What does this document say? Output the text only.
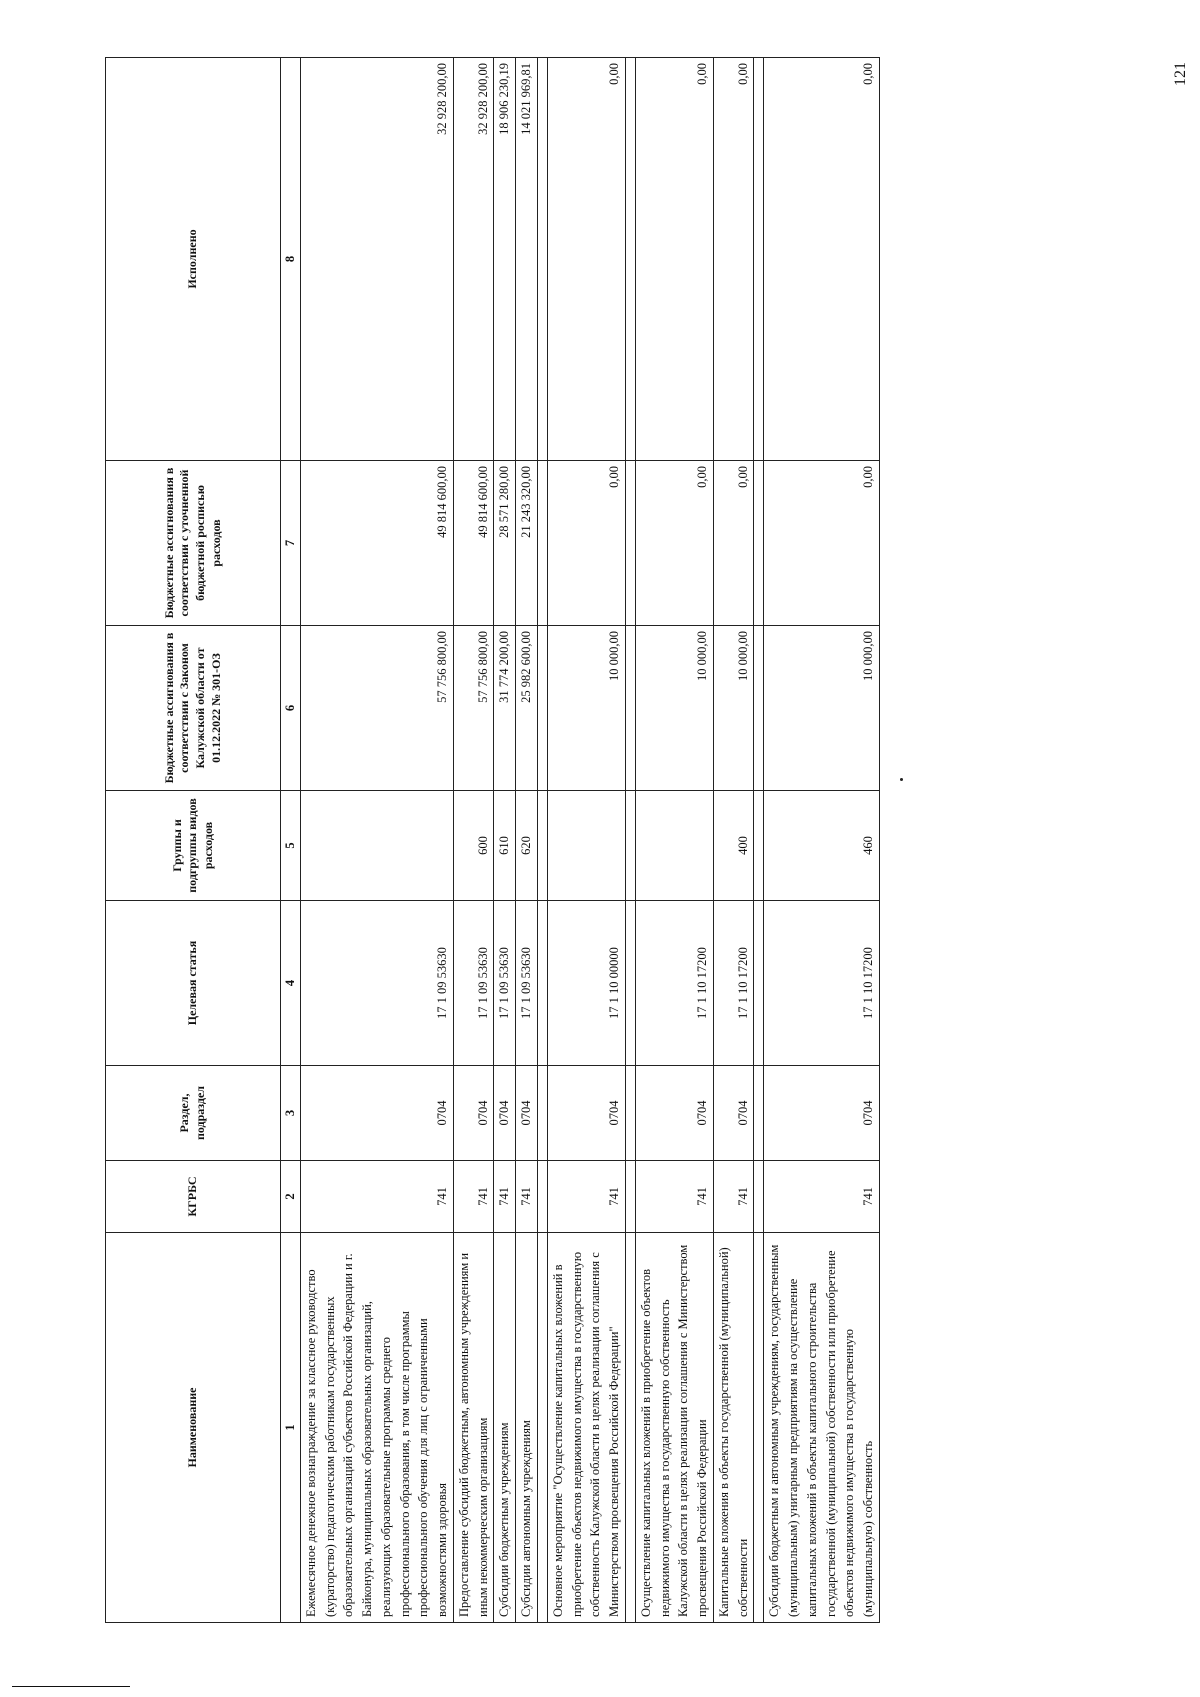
121
Наименование	КГРБС	Раздел, подраздел	Целевая статья	Группы и подгруппы видов расходов	Бюджетные ассигнования в соответствии с Законом Калужской области от 01.12.2022 № 301-ОЗ	Бюджетные ассигнования в соответствии с уточненной бюджетной росписью расходов	Исполнено
1	2	3	4	5	6	7	8
Ежемесячное денежное вознаграждение за классное руководство (кураторство) педагогическим работникам государственных образовательных организаций субъектов Российской Федерации и г. Байконура, муниципальных образовательных организаций, реализующих образовательные программы среднего профессионального образования, в том числе программы профессионального обучения для лиц с ограниченными возможностями здоровья	741	0704	17 1 09 53630		57 756 800,00	49 814 600,00	32 928 200,00
Предоставление субсидий бюджетным, автономным учреждениям и иным некоммерческим организациям	741	0704	17 1 09 53630	600	57 756 800,00	49 814 600,00	32 928 200,00
Субсидии бюджетным учреждениям	741	0704	17 1 09 53630	610	31 774 200,00	28 571 280,00	18 906 230,19
Субсидии автономным учреждениям	741	0704	17 1 09 53630	620	25 982 600,00	21 243 320,00	14 021 969,81

Основное мероприятие "Осуществление капитальных вложений в приобретение объектов недвижимого имущества в государственную собственность Калужской области в целях реализации соглашения с Министерством просвещения Российской Федерации"	741	0704	17 1 10 00000		10 000,00	0,00	0,00

Осуществление капитальных вложений в приобретение объектов недвижимого имущества в государственную собственность Калужской области в целях реализации соглашения с Министерством просвещения Российской Федерации	741	0704	17 1 10 17200		10 000,00	0,00	0,00
Капитальные вложения в объекты государственной (муниципальной) собственности	741	0704	17 1 10 17200	400	10 000,00	0,00	0,00

Субсидии бюджетным и автономным учреждениям, государственным (муниципальным) унитарным предприятиям на осуществление капитальных вложений в объекты капитального строительства государственной (муниципальной) собственности или приобретение объектов недвижимого имущества в государственную (муниципальную) собственность	741	0704	17 1 10 17200	460	10 000,00	0,00	0,00
